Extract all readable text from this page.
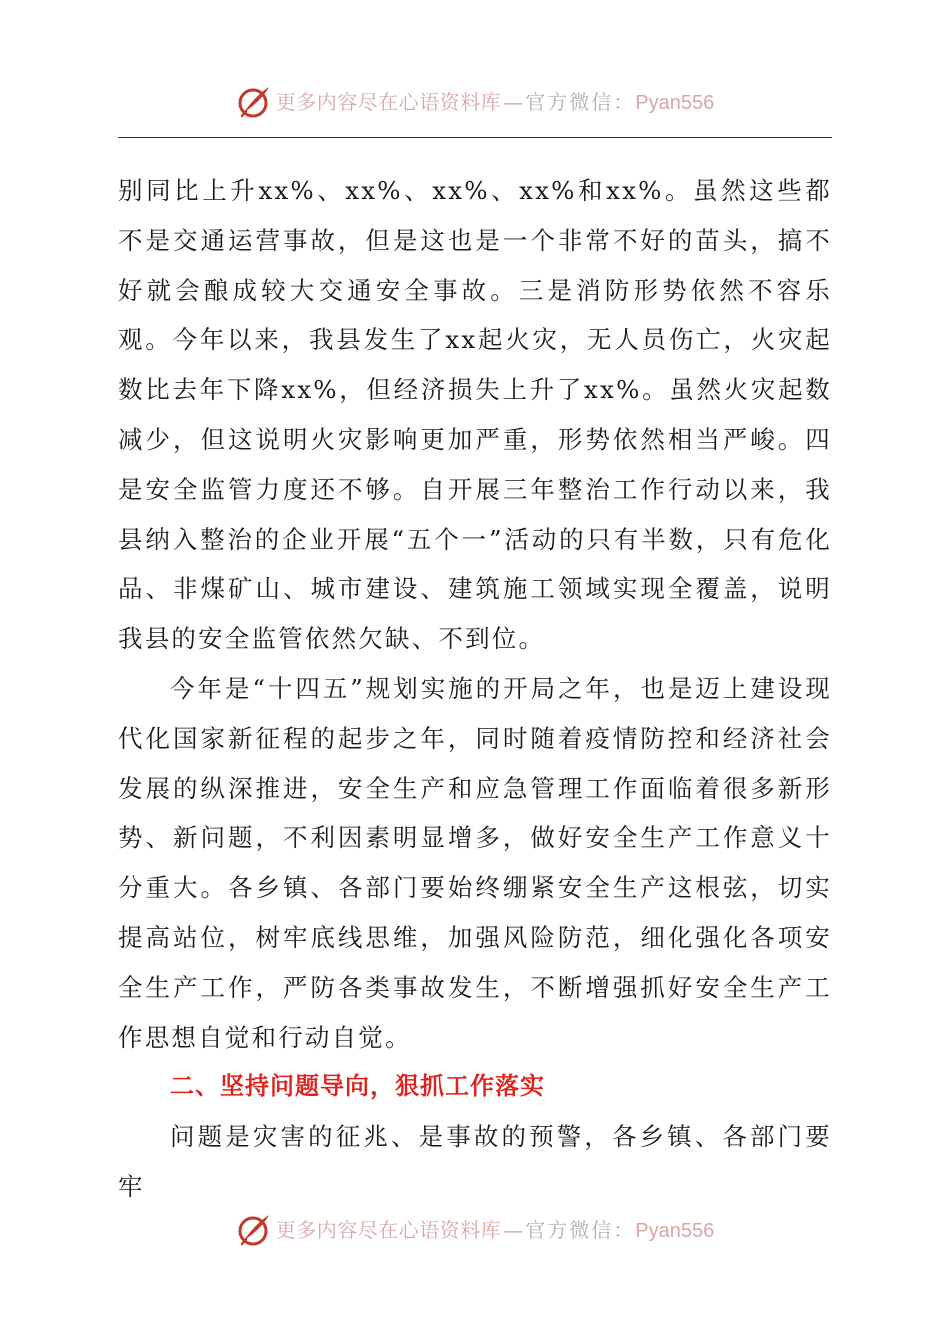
更多内容尽在心语资料库 — 官方微信： Pyan556

别同比上升xx%、xx%、xx%、xx%和xx%。虽然这些都不是交通运营事故，但是这也是一个非常不好的苗头，搞不好就会酿成较大交通安全事故。三是消防形势依然不容乐观。今年以来，我县发生了xx起火灾，无人员伤亡，火灾起数比去年下降xx%，但经济损失上升了xx%。虽然火灾起数减少，但这说明火灾影响更加严重，形势依然相当严峻。四是安全监管力度还不够。自开展三年整治工作行动以来，我县纳入整治的企业开展“五个一”活动的只有半数，只有危化品、非煤矿山、城市建设、建筑施工领域实现全覆盖，说明我县的安全监管依然欠缺、不到位。

今年是“十四五”规划实施的开局之年，也是迈上建设现代化国家新征程的起步之年，同时随着疫情防控和经济社会发展的纵深推进，安全生产和应急管理工作面临着很多新形势、新问题，不利因素明显增多，做好安全生产工作意义十分重大。各乡镇、各部门要始终绷紧安全生产这根弦，切实提高站位，树牢底线思维，加强风险防范，细化强化各项安全生产工作，严防各类事故发生，不断增强抓好安全生产工作思想自觉和行动自觉。

二、坚持问题导向，狠抓工作落实

问题是灾害的征兆、是事故的预警，各乡镇、各部门要牢

更多内容尽在心语资料库 — 官方微信： Pyan556
